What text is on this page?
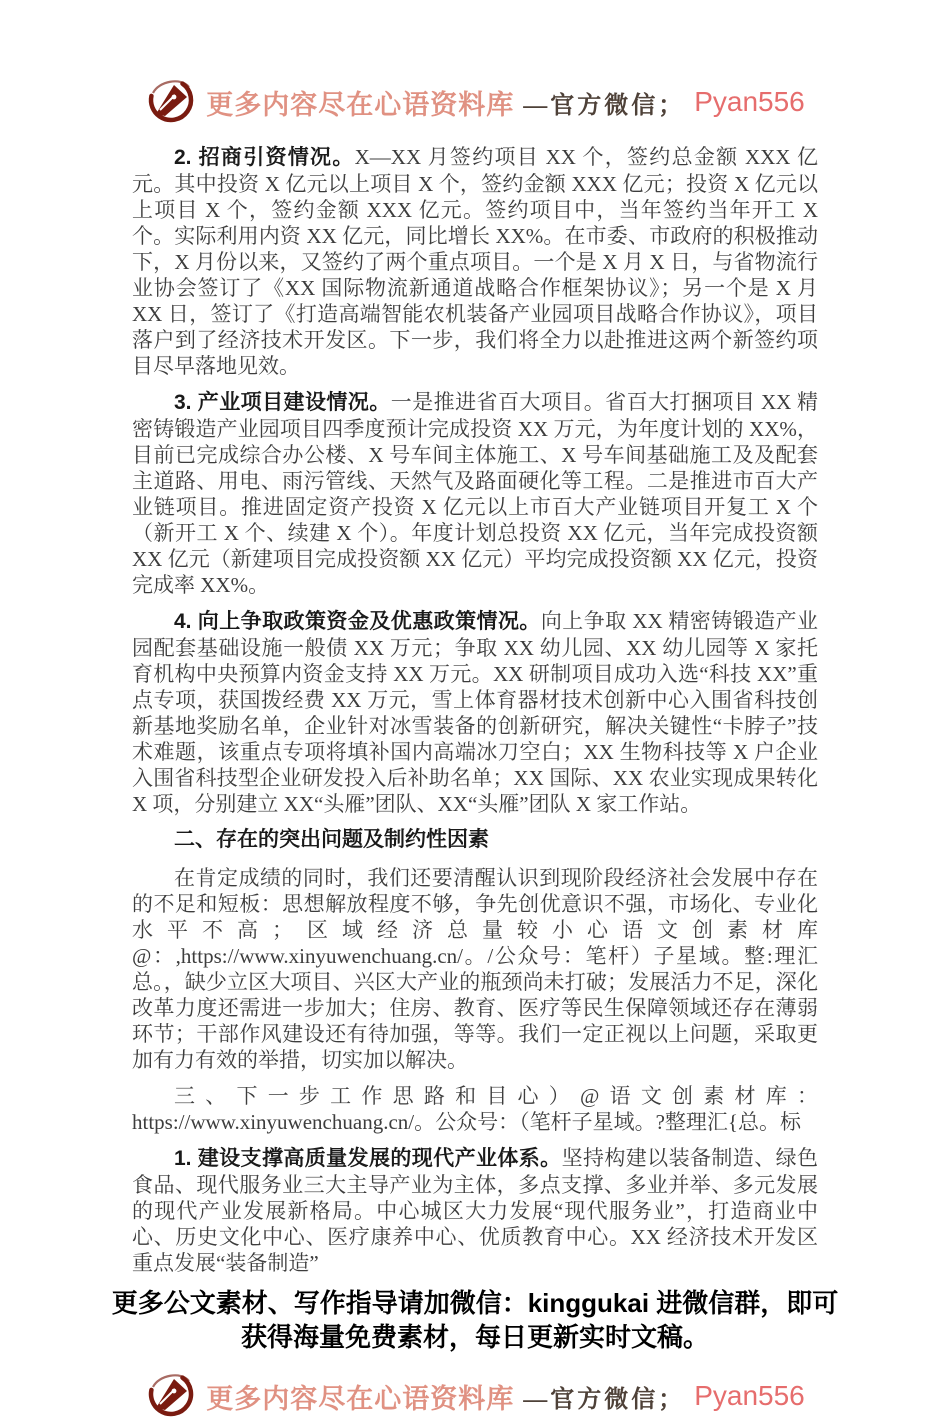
更多内容尽在心语资料库 —官方微信； Pyan556

2. 招商引资情况。X—XX 月签约项目 XX 个，签约总金额 XXX 亿元。其中投资 X 亿元以上项目 X 个，签约金额 XXX 亿元；投资 X 亿元以上项目 X 个，签约金额 XXX 亿元。签约项目中，当年签约当年开工 X 个。实际利用内资 XX 亿元，同比增长 XX%。在市委、市政府的积极推动下，X 月份以来，又签约了两个重点项目。一个是 X 月 X 日，与省物流行业协会签订了《XX 国际物流新通道战略合作框架协议》；另一个是 X 月 XX 日，签订了《打造高端智能农机装备产业园项目战略合作协议》，项目落户到了经济技术开发区。下一步，我们将全力以赴推进这两个新签约项目尽早落地见效。

3. 产业项目建设情况。一是推进省百大项目。省百大打捆项目 XX 精密铸锻造产业园项目四季度预计完成投资 XX 万元，为年度计划的 XX%，目前已完成综合办公楼、X 号车间主体施工、X 号车间基础施工及及配套主道路、用电、雨污管线、天然气及路面硬化等工程。二是推进市百大产业链项目。推进固定资产投资 X 亿元以上市百大产业链项目开复工 X 个（新开工 X 个、续建 X 个）。年度计划总投资 XX 亿元，当年完成投资额 XX 亿元（新建项目完成投资额 XX 亿元）平均完成投资额 XX 亿元，投资完成率 XX%。

4. 向上争取政策资金及优惠政策情况。向上争取 XX 精密铸锻造产业园配套基础设施一般债 XX 万元；争取 XX 幼儿园、XX 幼儿园等 X 家托育机构中央预算内资金支持 XX 万元。XX 研制项目成功入选“科技 XX”重点专项，获国拨经费 XX 万元，雪上体育器材技术创新中心入围省科技创新基地奖励名单，企业针对冰雪装备的创新研究，解决关键性“卡脖子”技术难题，该重点专项将填补国内高端冰刀空白；XX 生物科技等 X 户企业入围省科技型企业研发投入后补助名单；XX 国际、XX 农业实现成果转化 X 项，分别建立 XX“头雁”团队、XX“头雁”团队 X 家工作站。

二、存在的突出问题及制约性因素

在肯定成绩的同时，我们还要清醒认识到现阶段经济社会发展中存在的不足和短板：思想解放程度不够，争先创优意识不强，市场化、专业化水平不高；区域经济总量较小心语文创素材库@：,https://www.xinyuwenchuang.cn/。/公众号：笔杆）子星域。整:理汇总。，缺少立区大项目、兴区大产业的瓶颈尚未打破；发展活力不足，深化改革力度还需进一步加大；住房、教育、医疗等民生保障领域还存在薄弱环节；干部作风建设还有待加强，等等。我们一定正视以上问题，采取更加有力有效的举措，切实加以解决。

三、下一步工作思路和目心）@语文创素材库：https://www.xinyuwenchuang.cn/。公众号：（笔杆子星域。?整理汇{总。标

1. 建设支撑高质量发展的现代产业体系。坚持构建以装备制造、绿色食品、现代服务业三大主导产业为主体，多点支撑、多业并举、多元发展的现代产业发展新格局。中心城区大力发展“现代服务业”，打造商业中心、历史文化中心、医疗康养中心、优质教育中心。XX 经济技术开发区重点发展“装备制造”

更多公文素材、写作指导请加微信：kinggukai 进微信群，即可
获得海量免费素材，每日更新实时文稿。
更多内容尽在心语资料库 —官方微信； Pyan556
